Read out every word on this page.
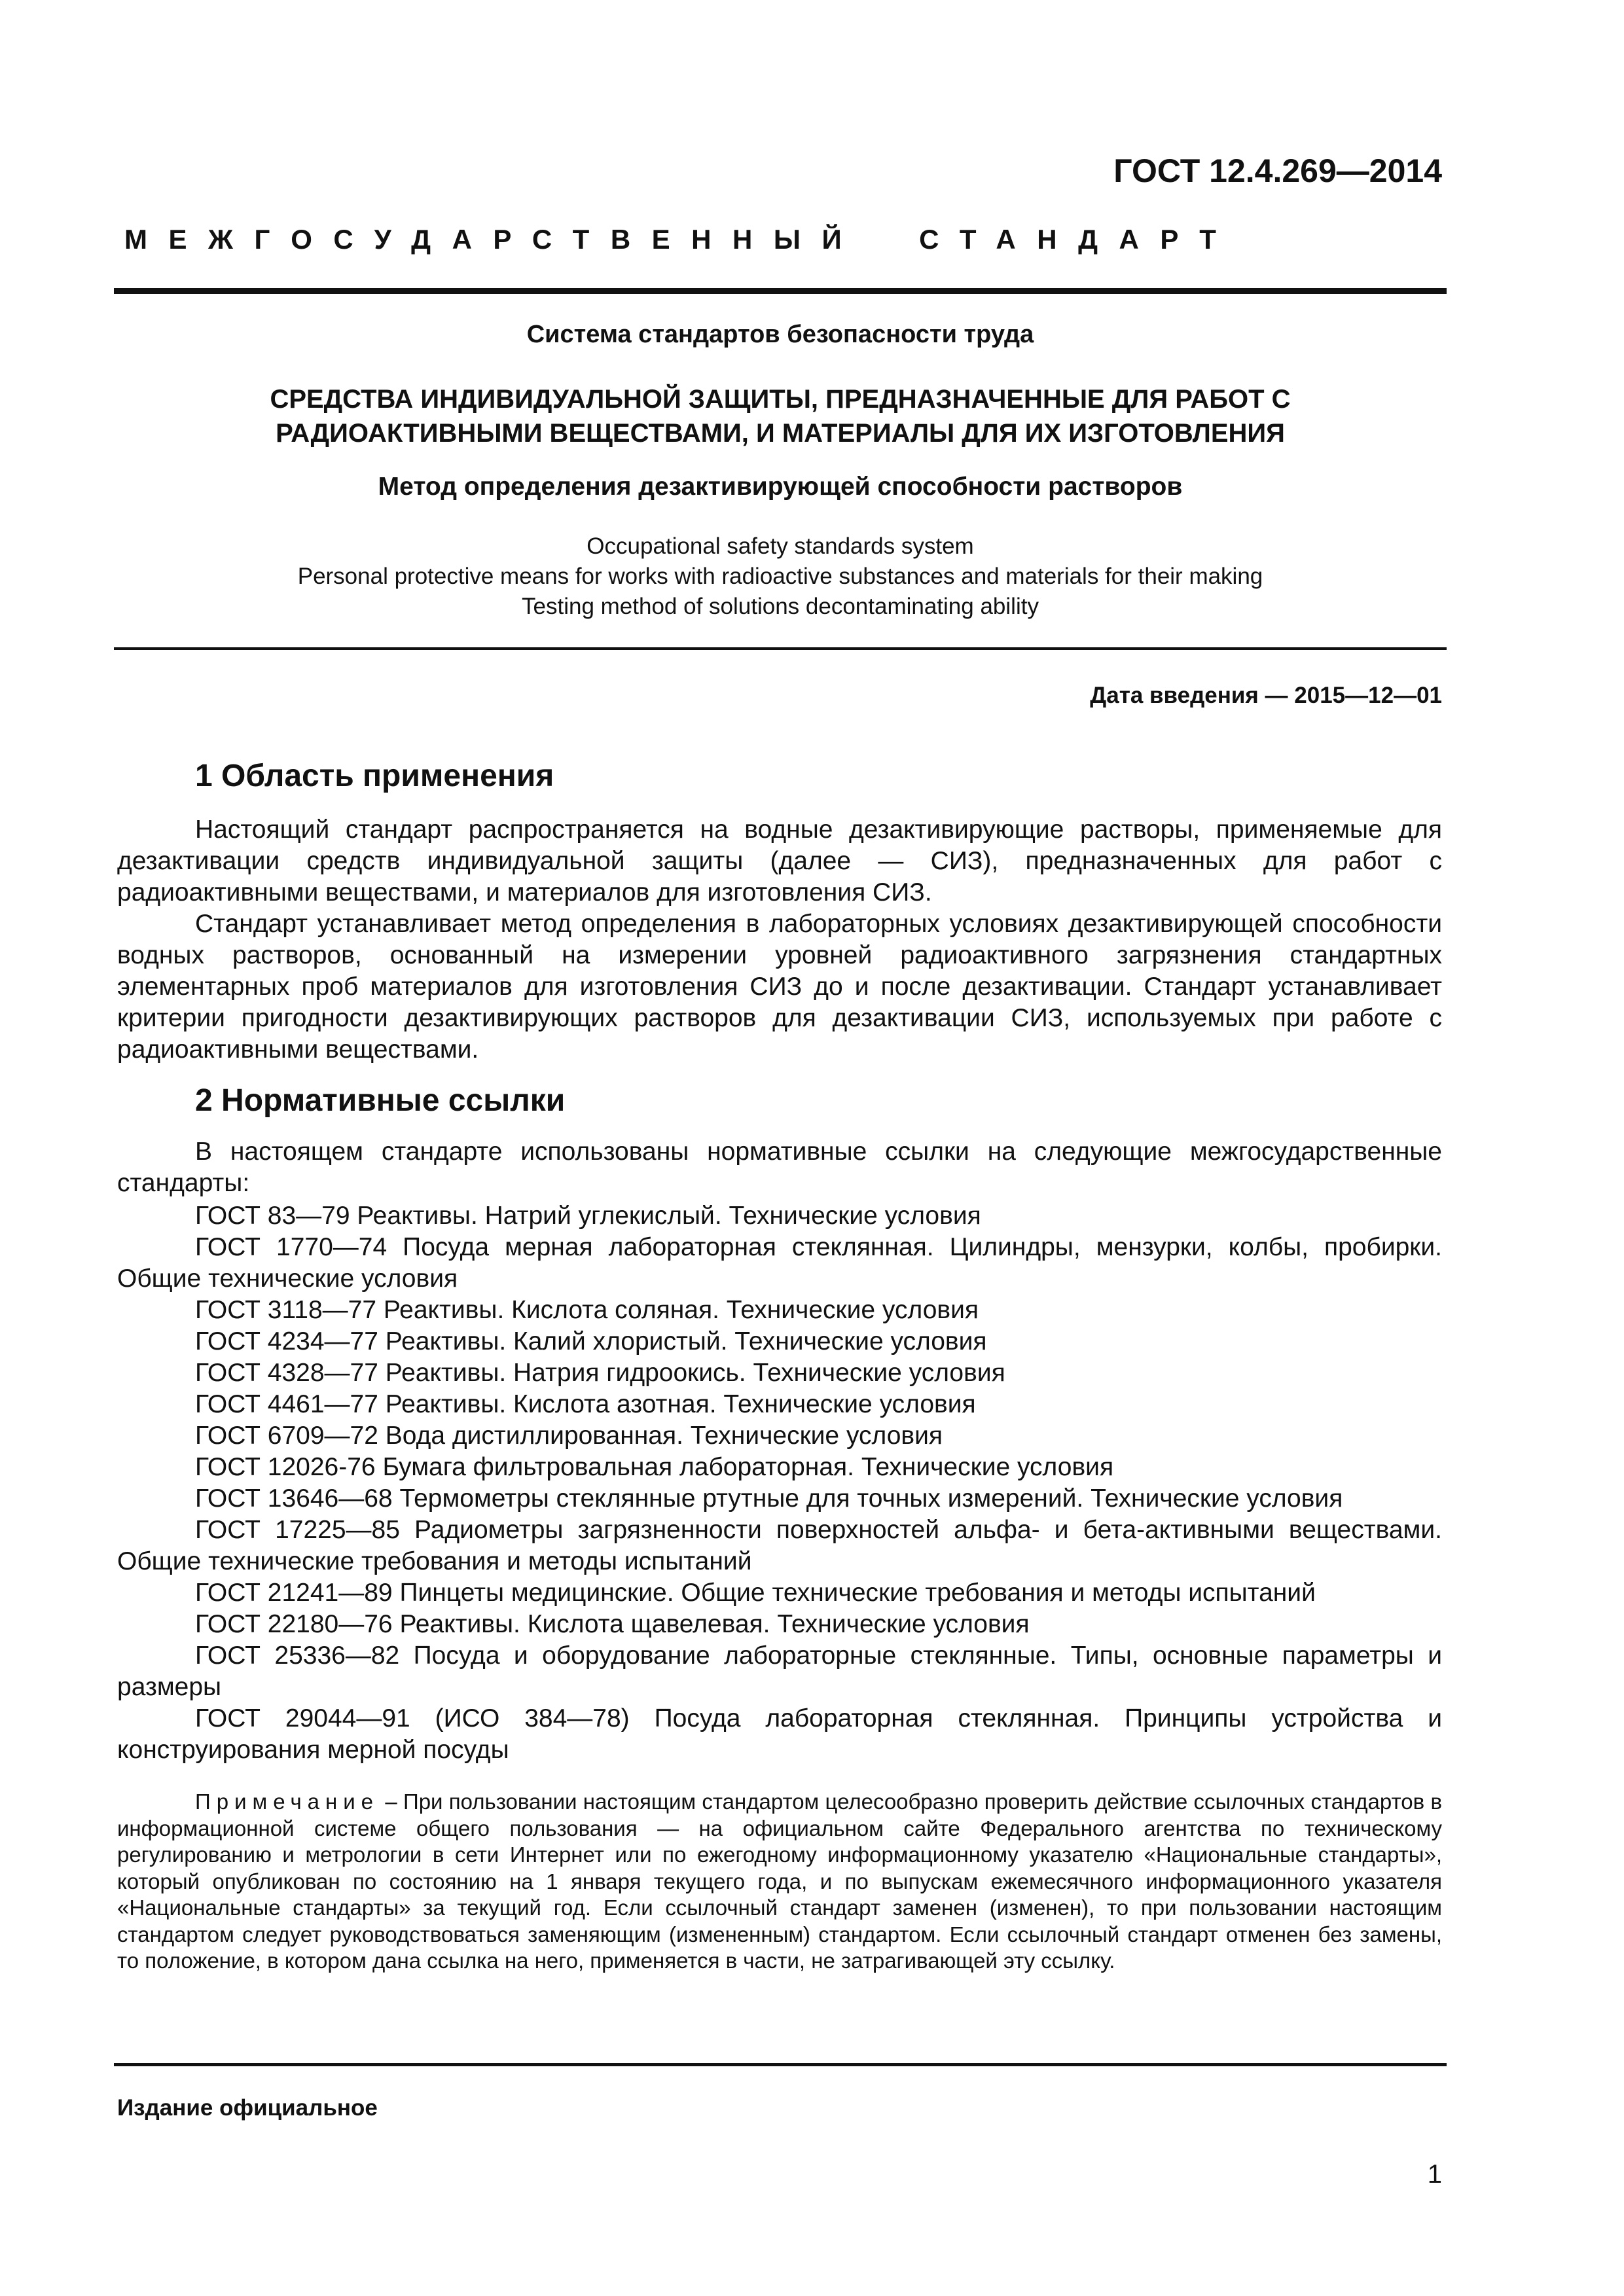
ГОСТ 12.4.269—2014
МЕЖГОСУДАРСТВЕННЫЙ СТАНДАРТ
Система стандартов безопасности труда
СРЕДСТВА ИНДИВИДУАЛЬНОЙ ЗАЩИТЫ, ПРЕДНАЗНАЧЕННЫЕ ДЛЯ РАБОТ С
РАДИОАКТИВНЫМИ ВЕЩЕСТВАМИ, И МАТЕРИАЛЫ ДЛЯ ИХ ИЗГОТОВЛЕНИЯ
Метод определения дезактивирующей способности растворов
Occupational safety standards system
Personal protective means for works with radioactive substances and materials for their making
Testing method of solutions decontaminating ability
Дата введения — 2015—12—01
1 Область применения

Настоящий стандарт распространяется на водные дезактивирующие растворы, применяемые для дезактивации средств индивидуальной защиты (далее — СИЗ), предназначенных для работ с радиоактивными веществами, и материалов для изготовления СИЗ.

Стандарт устанавливает метод определения в лабораторных условиях дезактивирующей способности водных растворов, основанный на измерении уровней радиоактивного загрязнения стандартных элементарных проб материалов для изготовления СИЗ до и после дезактивации. Стандарт устанавливает критерии пригодности дезактивирующих растворов для дезактивации СИЗ, используемых при работе с радиоактивными веществами.

2 Нормативные ссылки

В настоящем стандарте использованы нормативные ссылки на следующие межгосударственные стандарты:

ГОСТ 83—79 Реактивы. Натрий углекислый. Технические условия

ГОСТ 1770—74 Посуда мерная лабораторная стеклянная. Цилиндры, мензурки, колбы, пробирки. Общие технические условия

ГОСТ 3118—77 Реактивы. Кислота соляная. Технические условия

ГОСТ 4234—77 Реактивы. Калий хлористый. Технические условия

ГОСТ 4328—77 Реактивы. Натрия гидроокись. Технические условия

ГОСТ 4461—77 Реактивы. Кислота азотная. Технические условия

ГОСТ 6709—72 Вода дистиллированная. Технические условия

ГОСТ 12026-76 Бумага фильтровальная лабораторная. Технические условия

ГОСТ 13646—68 Термометры стеклянные ртутные для точных измерений. Технические условия

ГОСТ 17225—85 Радиометры загрязненности поверхностей альфа- и бета-активными веществами. Общие технические требования и методы испытаний

ГОСТ 21241—89 Пинцеты медицинские. Общие технические требования и методы испытаний

ГОСТ 22180—76 Реактивы. Кислота щавелевая. Технические условия

ГОСТ 25336—82 Посуда и оборудование лабораторные стеклянные. Типы, основные параметры и размеры

ГОСТ 29044—91 (ИСО 384—78) Посуда лабораторная стеклянная. Принципы устройства и конструирования мерной посуды

Примечание – При пользовании настоящим стандартом целесообразно проверить действие ссылочных стандартов в информационной системе общего пользования — на официальном сайте Федерального агентства по техническому регулированию и метрологии в сети Интернет или по ежегодному информационному указателю «Национальные стандарты», который опубликован по состоянию на 1 января текущего года, и по выпускам ежемесячного информационного указателя «Национальные стандарты» за текущий год. Если ссылочный стандарт заменен (изменен), то при пользовании настоящим стандартом следует руководствоваться заменяющим (измененным) стандартом. Если ссылочный стандарт отменен без замены, то положение, в котором дана ссылка на него, применяется в части, не затрагивающей эту ссылку.
Издание официальное
1
